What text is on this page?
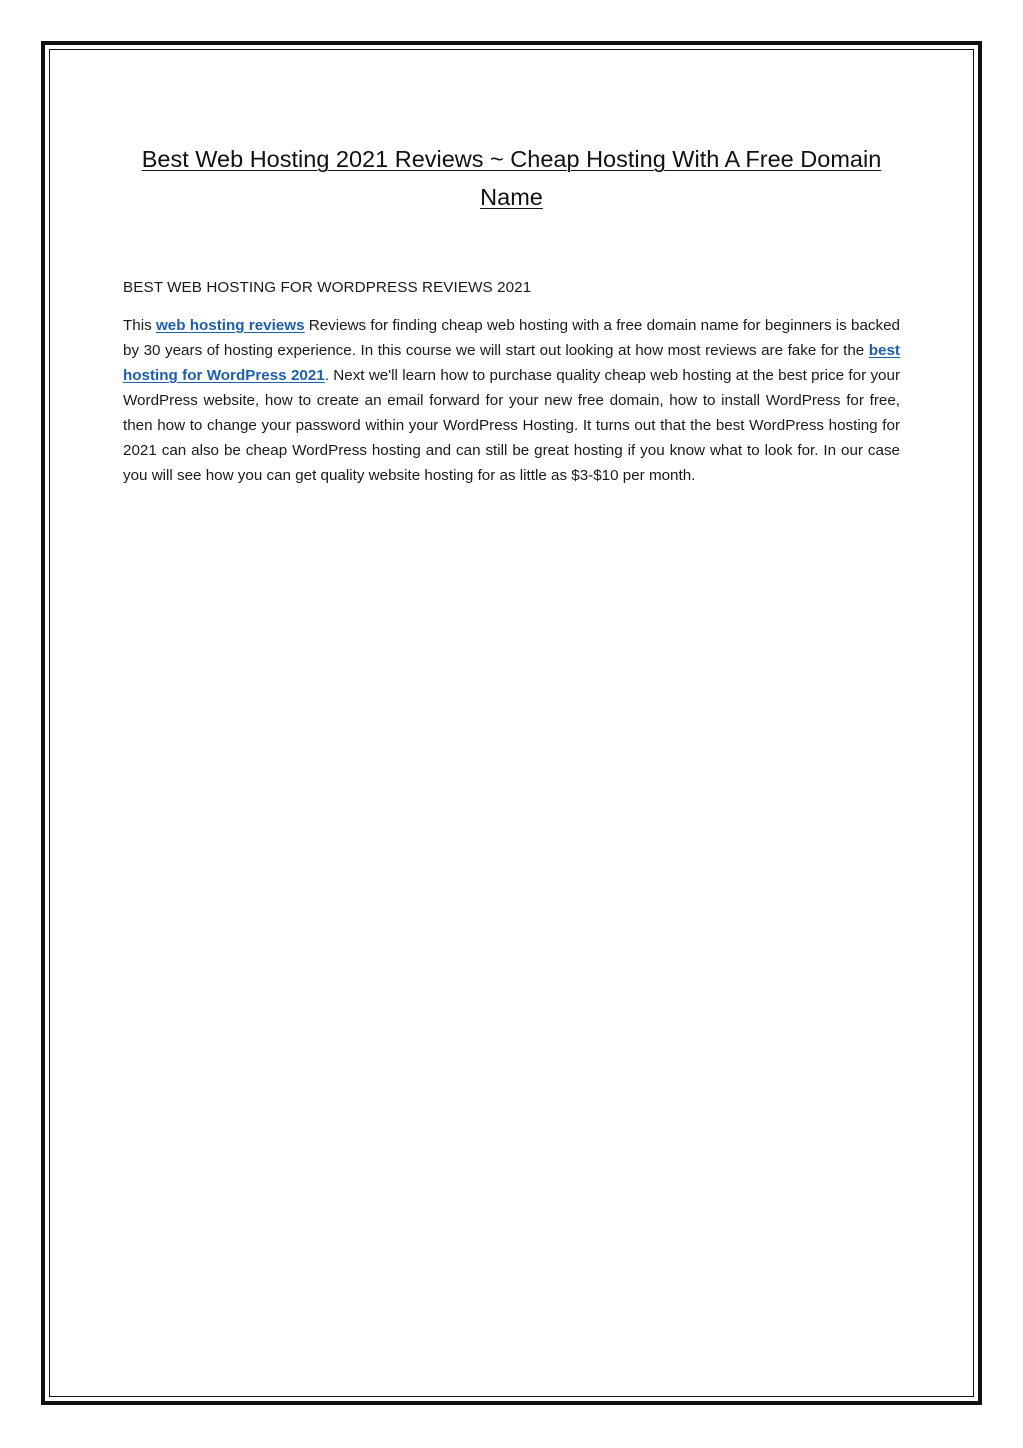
Best Web Hosting 2021 Reviews ~ Cheap Hosting With A Free Domain Name

BEST WEB HOSTING FOR WORDPRESS REVIEWS 2021

This web hosting reviews Reviews for finding cheap web hosting with a free domain name for beginners is backed by 30 years of hosting experience. In this course we will start out looking at how most reviews are fake for the best hosting for WordPress 2021. Next we'll learn how to purchase quality cheap web hosting at the best price for your WordPress website, how to create an email forward for your new free domain, how to install WordPress for free, then how to change your password within your WordPress Hosting. It turns out that the best WordPress hosting for 2021 can also be cheap WordPress hosting and can still be great hosting if you know what to look for. In our case you will see how you can get quality website hosting for as little as $3-$10 per month.
